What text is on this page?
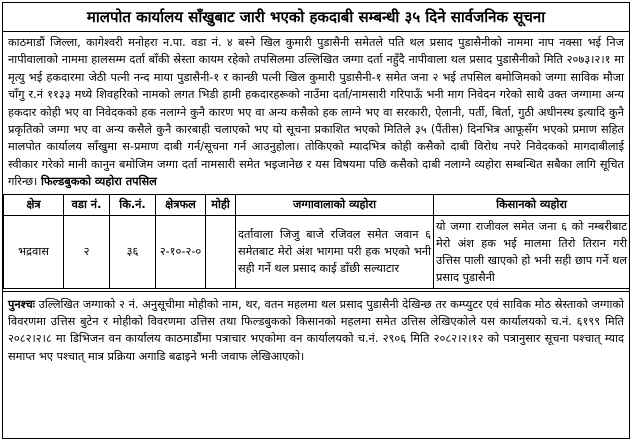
मालपोत कार्यालय साँखुबाट जारी भएको हकदाबी सम्बन्धी ३५ दिने सार्वजनिक सूचना
काठमाडौं जिल्ला, कागेश्वरी मनोहरा न.पा. वडा नं. ४ बस्ने खिल कुमारी पुडासैनी समेतले पति थल प्रसाद पुडासैनीको नाममा नाप नक्सा भई निज नापीवालाको नाममा हालसम्म दर्ता बाँकी स्रेस्ता कायम रहेको तपसिलमा उल्लिखित जग्गा दर्ता नहुँदै नापीवाला थल प्रसाद पुडासैनीको मिति २०७३।२।१ मा मृत्यु भई हकदारमा जेठी पत्नी नन्द माया पुडासैनी-१ र कान्छी पत्नी खिल कुमारी पुडासैनी-१ समेत जना २ भई तपसिल बमोजिमको जग्गा साविक मौजा चाँगु र.नं ११३३ मध्ये शिवहरिको नामको लगत भिडी हामी हकदारहरूको नाउँमा दर्ता/नामसारी गरिपाऊँ भनी माग निवेदन गरेको साथै उक्त जग्गामा अन्य हकदार कोही भए वा निवेदकको हक नलाग्ने कुनै कारण भए वा अन्य कसैको हक लाग्ने भए वा सरकारी, ऐलानी, पर्ती, बिर्ता, गुठी अधीनस्थ इत्यादि कुनै प्रकृतिको जग्गा भए वा अन्य कसैले कुनै कारबाही चलाएको भए यो सूचना प्रकाशित भएको मितिले ३५ (पैंतीस) दिनभित्र आफूसँग भएको प्रमाण सहित मालपोत कार्यालय साँखुमा स-प्रमाण दाबी गर्न/सूचना गर्न आउनुहोला। तोकिएको म्यादभित्र कोही कसैको दाबी विरोध नपरे निवेदकको मागदाबीलाई स्वीकार गरेको मानी कानुन बमोजिम जग्गा दर्ता नामसारी समेत भइजानेछ र यस विषयमा पछि कसैको दाबी नलाग्ने व्यहोरा सम्बन्धित सबैका लागि सूचित गरिन्छ। फिल्डबुकको व्यहोरा तपसिल
क्षेत्र	वडा नं.	कि.नं.	क्षेत्रफल	मोही	जग्गावालाको व्यहोरा	किसानको व्यहोरा
भद्रवास	२	३६	२-१०-२-०		दर्तावाला जिजु बाजे रजिवल समेत जवान ६ समेतबाट मेरो अंश भागमा परी हक भएको भनी सही गर्ने थल प्रसाद काई डाँछी सल्याटार	यो जग्गा राजीवल समेत जना ६ को नम्बरीबाट मेरो अंश हक भई मालमा तिरो तिरान गरी उत्तिस पाली खाएको हो भनी सही छाप गर्ने थल प्रसाद पुडासैनी
पुनश्चः उल्लिखित जग्गाको २ नं. अनुसूचीमा मोहीको नाम, थर, वतन महलमा थल प्रसाद पुडासैनी देखिन्छ तर कम्प्युटर एवं साविक मोठ स्रेस्ताको जग्गाको विवरणमा उत्तिस बुटेन र मोहीको विवरणमा उत्तिस तथा फिल्डबुकको किसानको महलमा समेत उत्तिस लेखिएकोले यस कार्यालयको च.नं. ६१९९ मिति २०८२।२।८ मा डिभिजन वन कार्यालय काठमाडौंमा पत्राचार भएकोमा वन कार्यालयको च.नं. २९०६ मिति २०८२।२।१२ को पत्रानुसार सूचना पश्चात् म्याद समाप्त भए पश्चात् मात्र प्रक्रिया अगाडि बढाइने भनी जवाफ लेखिआएको।
